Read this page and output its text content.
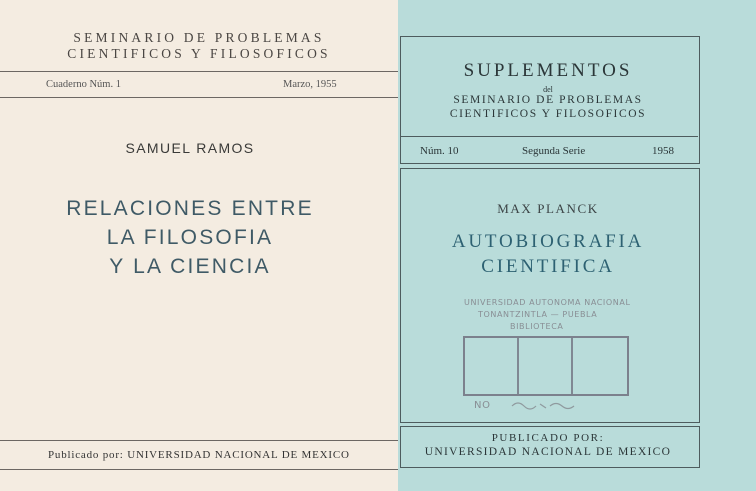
SEMINARIO DE PROBLEMAS
CIENTIFICOS Y FILOSOFICOS
Cuaderno Núm. 1	Marzo, 1955
SAMUEL RAMOS
RELACIONES ENTRE
LA FILOSOFIA
Y LA CIENCIA
Publicado por: UNIVERSIDAD NACIONAL DE MEXICO
SUPLEMENTOS
del
SEMINARIO DE PROBLEMAS
CIENTIFICOS Y FILOSOFICOS
Núm. 10	Segunda Serie	1958
MAX PLANCK
AUTOBIOGRAFIA
CIENTIFICA
UNIVERSIDAD AUTONOMA NACIONAL
TONANTZINTLA — PUEBLA
BIBLIOTECA
NO
PUBLICADO POR:
UNIVERSIDAD NACIONAL DE MEXICO
